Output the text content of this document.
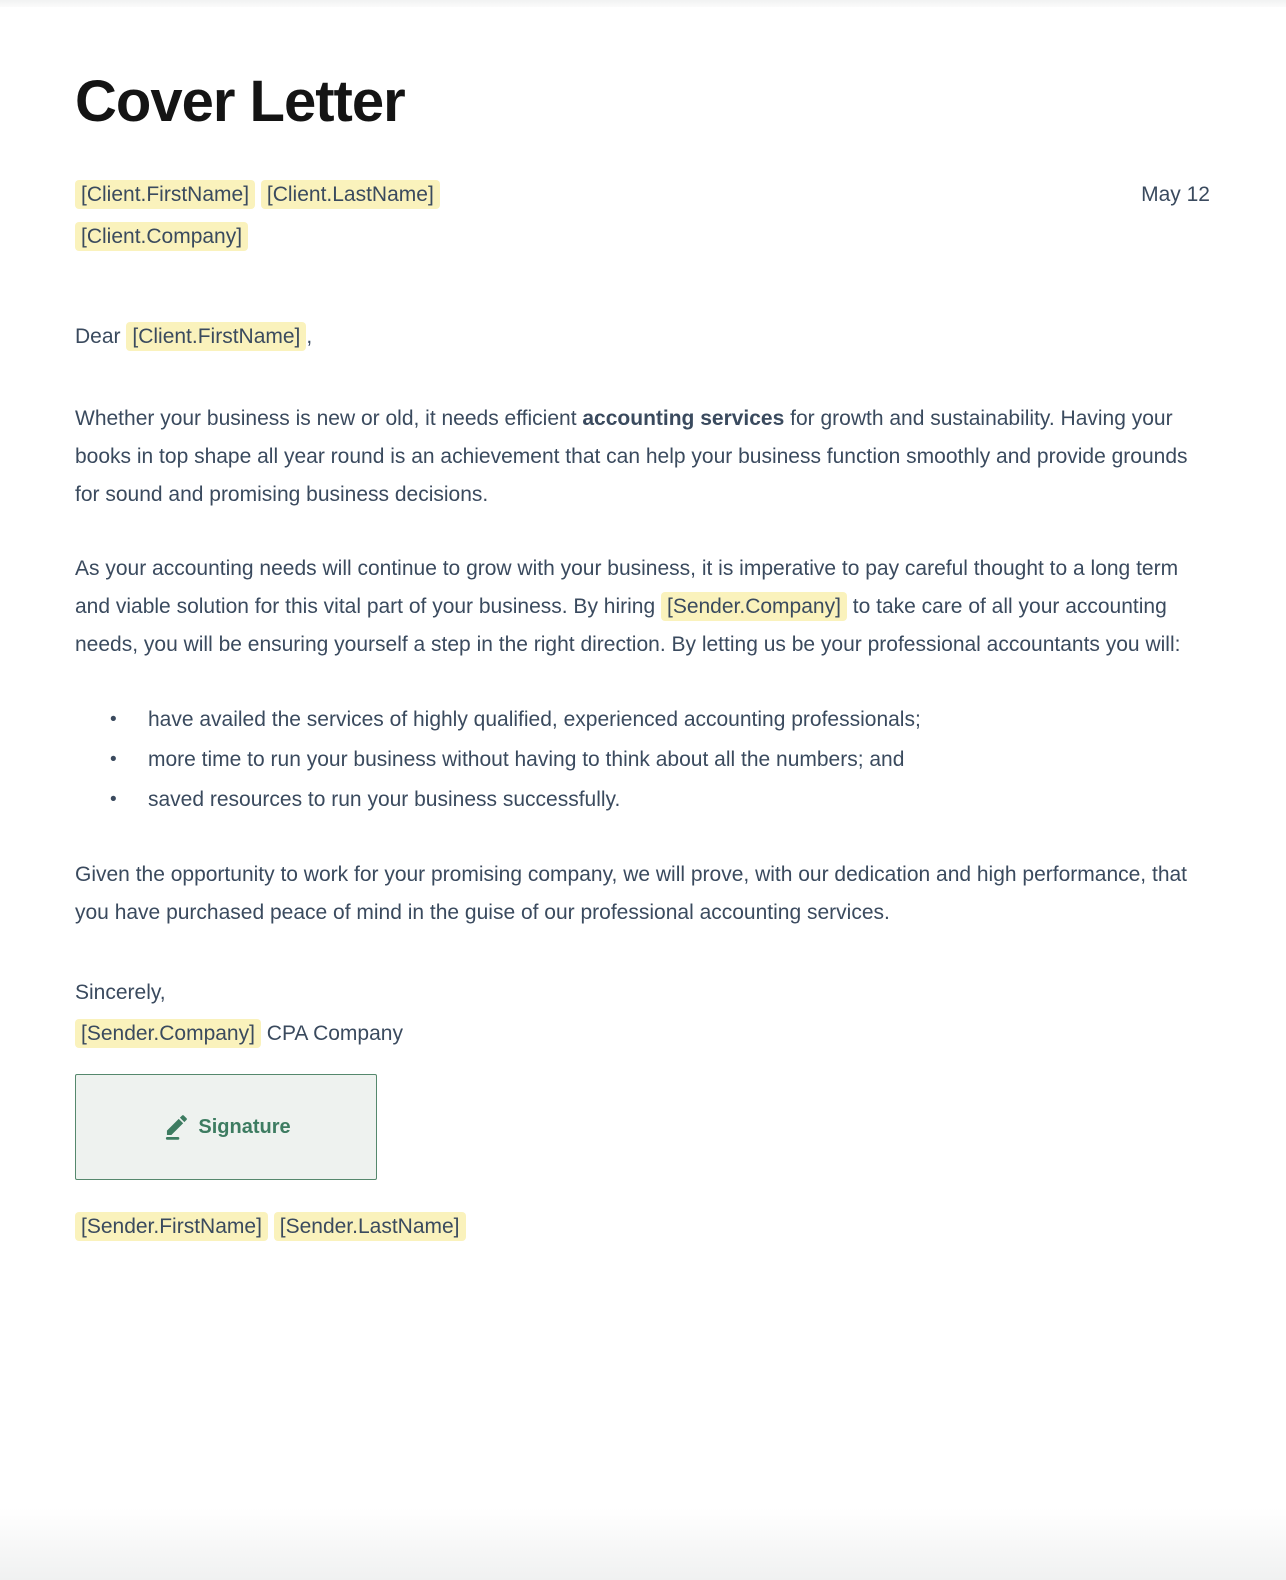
Cover Letter
[Client.FirstName] [Client.LastName]	May 12
[Client.Company]
Dear [Client.FirstName] ,

Whether your business is new or old, it needs efficient accounting services for growth and sustainability. Having your books in top shape all year round is an achievement that can help your business function smoothly and provide grounds for sound and promising business decisions.

As your accounting needs will continue to grow with your business, it is imperative to pay careful thought to a long term and viable solution for this vital part of your business. By hiring [Sender.Company] to take care of all your accounting needs, you will be ensuring yourself a step in the right direction. By letting us be your professional accountants you will:

• have availed the services of highly qualified, experienced accounting professionals;
• more time to run your business without having to think about all the numbers; and
• saved resources to run your business successfully.

Given the opportunity to work for your promising company, we will prove, with our dedication and high performance, that you have purchased peace of mind in the guise of our professional accounting services.

Sincerely,
[Sender.Company] CPA Company
Signature
[Sender.FirstName] [Sender.LastName]
